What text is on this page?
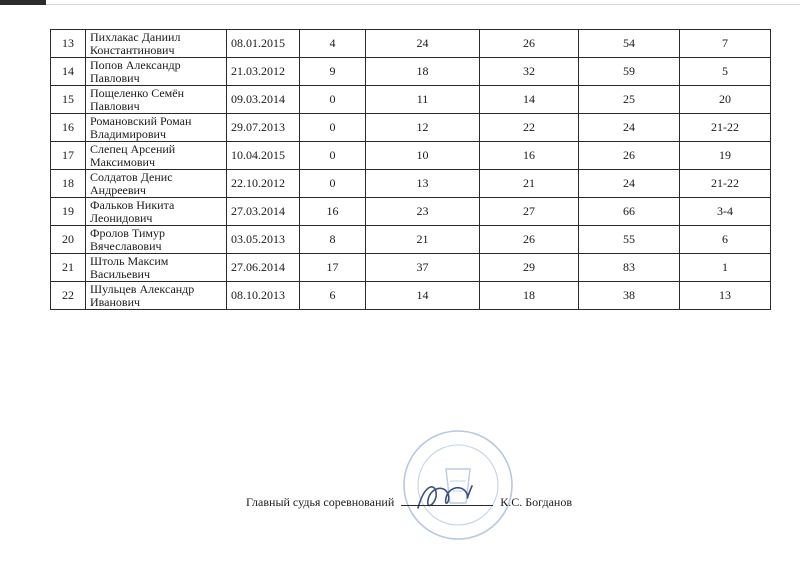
13	Пихлакас Даниил Константинович	08.01.2015	4	24	26	54	7
14	Попов Александр Павлович	21.03.2012	9	18	32	59	5
15	Пощеленко Семён Павлович	09.03.2014	0	11	14	25	20
16	Романовский Роман Владимирович	29.07.2013	0	12	22	24	21-22
17	Слепец Арсений Максимович	10.04.2015	0	10	16	26	19
18	Солдатов Денис Андреевич	22.10.2012	0	13	21	24	21-22
19	Фальков Никита Леонидович	27.03.2014	16	23	27	66	3-4
20	Фролов Тимур Вячеславович	03.05.2013	8	21	26	55	6
21	Штоль Максим Васильевич	27.06.2014	17	37	29	83	1
22	Шульцев Александр Иванович	08.10.2013	6	14	18	38	13
Главный судья соревнований	К.С. Богданов
